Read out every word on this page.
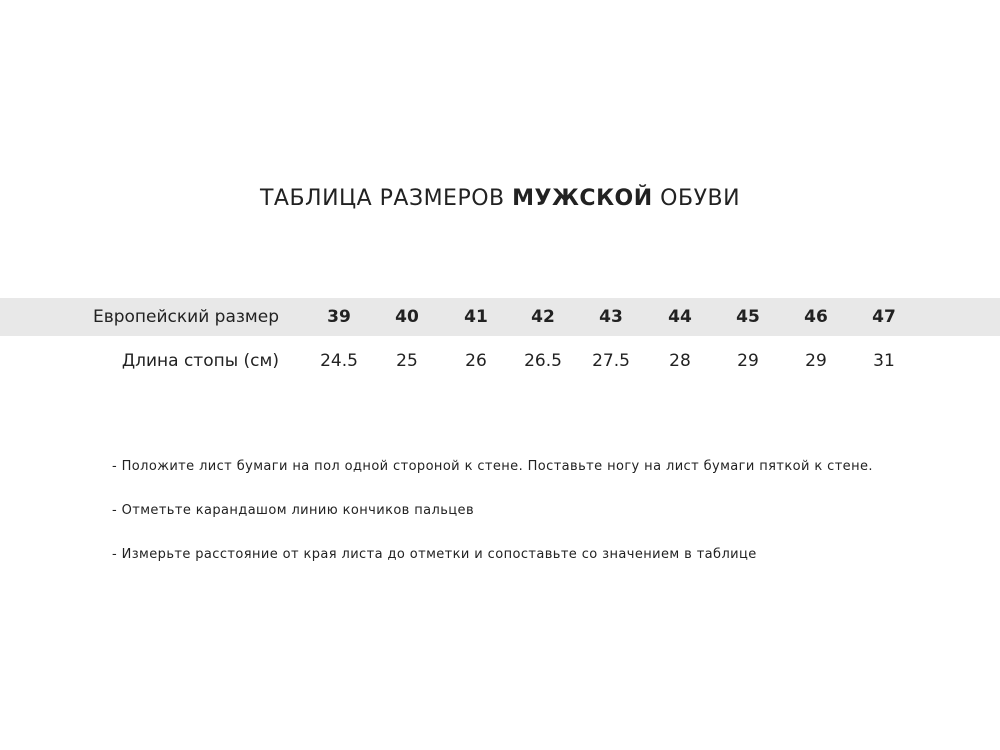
ТАБЛИЦА РАЗМЕРОВ МУЖСКОЙ ОБУВИ
Европейский размер	39	40	41	42	43	44	45	46	47
Длина стопы (см)	24.5	25	26	26.5	27.5	28	29	29	31
- Положите лист бумаги на пол одной стороной к стене. Поставьте ногу на лист бумаги пяткой к стене.
- Отметьте карандашом линию кончиков пальцев
- Измерьте расстояние от края листа до отметки и сопоставьте со значением в таблице
